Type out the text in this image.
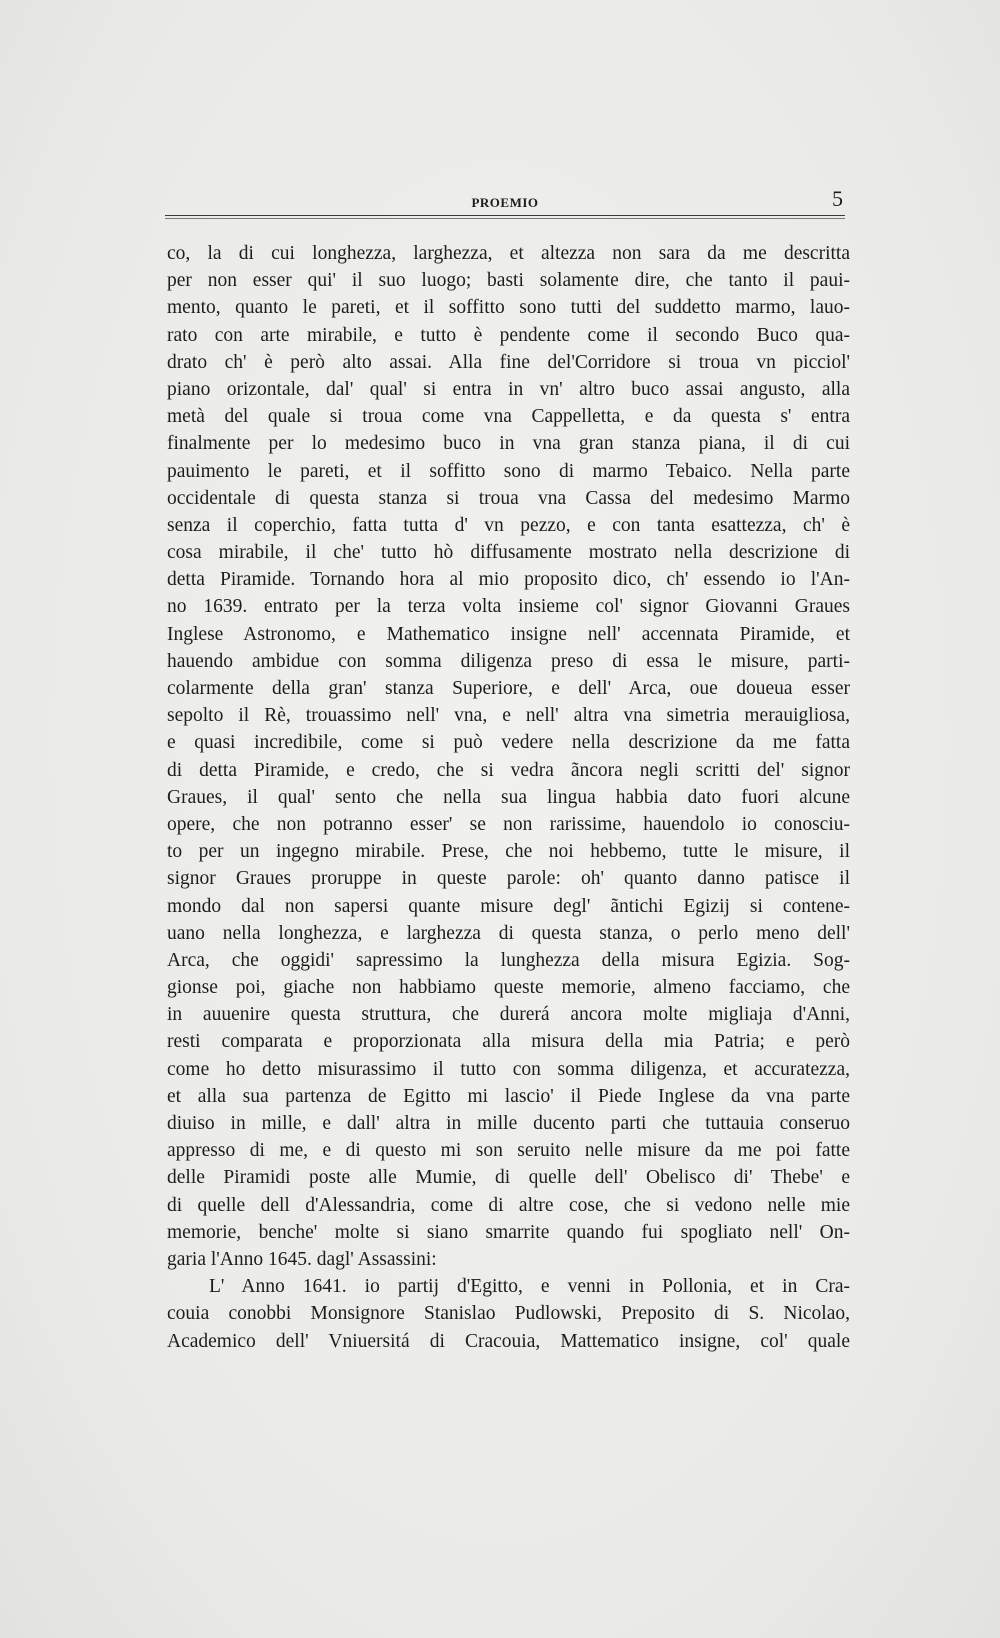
PROEMIO	5
co, la di cui longhezza, larghezza, et altezza non sara da me descritta
per non esser qui' il suo luogo; basti solamente dire, che tanto il paui-
mento, quanto le pareti, et il soffitto sono tutti del suddetto marmo, lauo-
rato con arte mirabile, e tutto è pendente come il secondo Buco qua-
drato ch' è però alto assai. Alla fine del'Corridore si troua vn picciol'
piano orizontale, dal' qual' si entra in vn' altro buco assai angusto, alla
metà del quale si troua come vna Cappelletta, e da questa s' entra
finalmente per lo medesimo buco in vna gran stanza piana, il di cui
pauimento le pareti, et il soffitto sono di marmo Tebaico. Nella parte
occidentale di questa stanza si troua vna Cassa del medesimo Marmo
senza il coperchio, fatta tutta d' vn pezzo, e con tanta esattezza, ch' è
cosa mirabile, il che' tutto hò diffusamente mostrato nella descrizione di
detta Piramide. Tornando hora al mio proposito dico, ch' essendo io l'An-
no 1639. entrato per la terza volta insieme col' signor Giovanni Graues
Inglese Astronomo, e Mathematico insigne nell' accennata Piramide, et
hauendo ambidue con somma diligenza preso di essa le misure, parti-
colarmente della gran' stanza Superiore, e dell' Arca, oue doueua esser
sepolto il Rè, trouassimo nell' vna, e nell' altra vna simetria merauigliosa,
e quasi incredibile, come si può vedere nella descrizione da me fatta
di detta Piramide, e credo, che si vedra ãncora negli scritti del' signor
Graues, il qual' sento che nella sua lingua habbia dato fuori alcune
opere, che non potranno esser' se non rarissime, hauendolo io conosciu-
to per un ingegno mirabile. Prese, che noi hebbemo, tutte le misure, il
signor Graues proruppe in queste parole: oh' quanto danno patisce il
mondo dal non sapersi quante misure degl' ãntichi Egizij si contene-
uano nella longhezza, e larghezza di questa stanza, o perlo meno dell'
Arca, che oggidi' sapressimo la lunghezza della misura Egizia. Sog-
gionse poi, giache non habbiamo queste memorie, almeno facciamo, che
in auuenire questa struttura, che durerá ancora molte migliaja d'Anni,
resti comparata e proporzionata alla misura della mia Patria; e però
come ho detto misurassimo il tutto con somma diligenza, et accuratezza,
et alla sua partenza de Egitto mi lascio' il Piede Inglese da vna parte
diuiso in mille, e dall' altra in mille ducento parti che tuttauia conseruo
appresso di me, e di questo mi son seruito nelle misure da me poi fatte
delle Piramidi poste alle Mumie, di quelle dell' Obelisco di' Thebe' e
di quelle dell d'Alessandria, come di altre cose, che si vedono nelle mie
memorie, benche' molte si siano smarrite quando fui spogliato nell' On-
garia l'Anno 1645. dagl' Assassini:
L' Anno 1641. io partij d'Egitto, e venni in Pollonia, et in Cra-
couia conobbi Monsignore Stanislao Pudlowski, Preposito di S. Nicolao,
Academico dell' Vniuersitá di Cracouia, Mattematico insigne, col' quale
